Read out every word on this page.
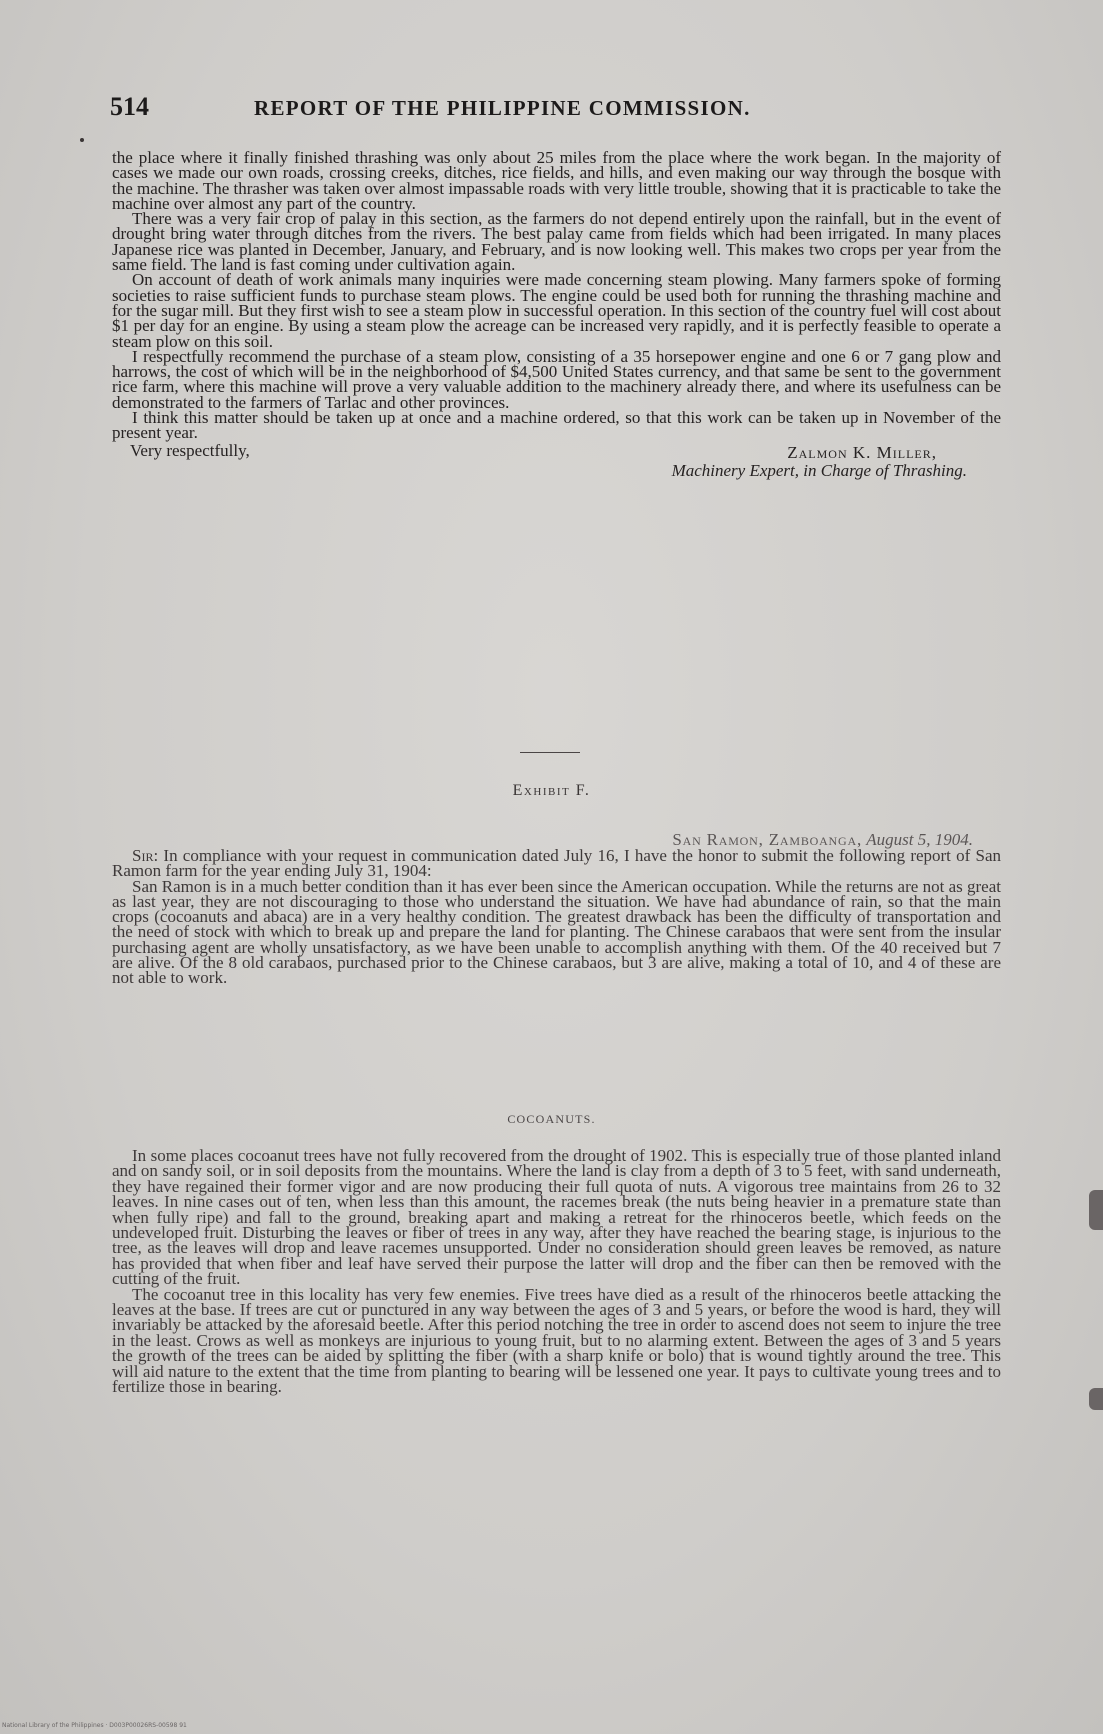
514	REPORT OF THE PHILIPPINE COMMISSION.

the place where it finally finished thrashing was only about 25 miles from the place where the work began. In the majority of cases we made our own roads, crossing creeks, ditches, rice fields, and hills, and even making our way through the bosque with the machine. The thrasher was taken over almost impassable roads with very little trouble, showing that it is practicable to take the machine over almost any part of the country.

There was a very fair crop of palay in this section, as the farmers do not depend entirely upon the rainfall, but in the event of drought bring water through ditches from the rivers. The best palay came from fields which had been irrigated. In many places Japanese rice was planted in December, January, and February, and is now looking well. This makes two crops per year from the same field. The land is fast coming under cultivation again.

On account of death of work animals many inquiries were made concerning steam plowing. Many farmers spoke of forming societies to raise sufficient funds to purchase steam plows. The engine could be used both for running the thrashing machine and for the sugar mill. But they first wish to see a steam plow in successful operation. In this section of the country fuel will cost about $1 per day for an engine. By using a steam plow the acreage can be increased very rapidly, and it is perfectly feasible to operate a steam plow on this soil.

I respectfully recommend the purchase of a steam plow, consisting of a 35 horsepower engine and one 6 or 7 gang plow and harrows, the cost of which will be in the neighborhood of $4,500 United States currency, and that same be sent to the government rice farm, where this machine will prove a very valuable addition to the machinery already there, and where its usefulness can be demonstrated to the farmers of Tarlac and other provinces.

I think this matter should be taken up at once and a machine ordered, so that this work can be taken up in November of the present year.

Very respectfully,	Zalmon K. Miller,
Machinery Expert, in Charge of Thrashing.
Exhibit F.
San Ramon, Zamboanga, August 5, 1904.

Sir: In compliance with your request in communication dated July 16, I have the honor to submit the following report of San Ramon farm for the year ending July 31, 1904:

San Ramon is in a much better condition than it has ever been since the American occupation. While the returns are not as great as last year, they are not discouraging to those who understand the situation. We have had abundance of rain, so that the main crops (cocoanuts and abaca) are in a very healthy condition. The greatest drawback has been the difficulty of transportation and the need of stock with which to break up and prepare the land for planting. The Chinese carabaos that were sent from the insular purchasing agent are wholly unsatisfactory, as we have been unable to accomplish anything with them. Of the 40 received but 7 are alive. Of the 8 old carabaos, purchased prior to the Chinese carabaos, but 3 are alive, making a total of 10, and 4 of these are not able to work.

COCOANUTS.

In some places cocoanut trees have not fully recovered from the drought of 1902. This is especially true of those planted inland and on sandy soil, or in soil deposits from the mountains. Where the land is clay from a depth of 3 to 5 feet, with sand underneath, they have regained their former vigor and are now producing their full quota of nuts. A vigorous tree maintains from 26 to 32 leaves. In nine cases out of ten, when less than this amount, the racemes break (the nuts being heavier in a premature state than when fully ripe) and fall to the ground, breaking apart and making a retreat for the rhinoceros beetle, which feeds on the undeveloped fruit. Disturbing the leaves or fiber of trees in any way, after they have reached the bearing stage, is injurious to the tree, as the leaves will drop and leave racemes unsupported. Under no consideration should green leaves be removed, as nature has provided that when fiber and leaf have served their purpose the latter will drop and the fiber can then be removed with the cutting of the fruit.

The cocoanut tree in this locality has very few enemies. Five trees have died as a result of the rhinoceros beetle attacking the leaves at the base. If trees are cut or punctured in any way between the ages of 3 and 5 years, or before the wood is hard, they will invariably be attacked by the aforesaid beetle. After this period notching the tree in order to ascend does not seem to injure the tree in the least. Crows as well as monkeys are injurious to young fruit, but to no alarming extent. Between the ages of 3 and 5 years the growth of the trees can be aided by splitting the fiber (with a sharp knife or bolo) that is wound tightly around the tree. This will aid nature to the extent that the time from planting to bearing will be lessened one year. It pays to cultivate young trees and to fertilize those in bearing.

National Library of the Philippines · D003P00026RS-00598 91
